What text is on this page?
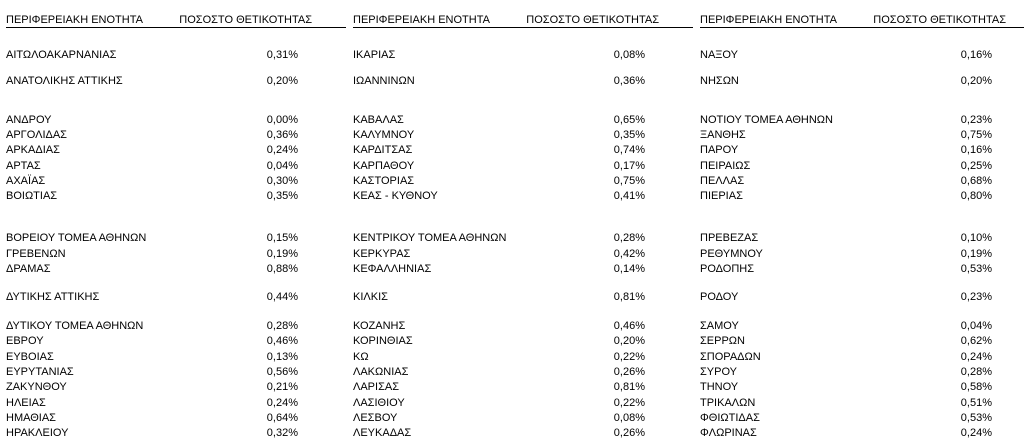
ΠΕΡΙΦΕΡΕΙΑΚΗ ΕΝΟΤΗΤΑ	ΠΟΣΟΣΤΟ ΘΕΤΙΚΟΤΗΤΑΣ
ΑΙΤΩΛΟΑΚΑΡΝΑΝΙΑΣ	0,31%
ΑΝΑΤΟΛΙΚΗΣ ΑΤΤΙΚΗΣ	0,20%
ΑΝΔΡΟΥ	0,00%
ΑΡΓΟΛΙΔΑΣ	0,36%
ΑΡΚΑΔΙΑΣ	0,24%
ΑΡΤΑΣ	0,04%
ΑΧΑΪΑΣ	0,30%
ΒΟΙΩΤΙΑΣ	0,35%
ΒΟΡΕΙΟΥ ΤΟΜΕΑ ΑΘΗΝΩΝ	0,15%
ΓΡΕΒΕΝΩΝ	0,19%
ΔΡΑΜΑΣ	0,88%
ΔΥΤΙΚΗΣ ΑΤΤΙΚΗΣ	0,44%
ΔΥΤΙΚΟΥ ΤΟΜΕΑ ΑΘΗΝΩΝ	0,28%
ΕΒΡΟΥ	0,46%
ΕΥΒΟΙΑΣ	0,13%
ΕΥΡΥΤΑΝΙΑΣ	0,56%
ΖΑΚΥΝΘΟΥ	0,21%
ΗΛΕΙΑΣ	0,24%
ΗΜΑΘΙΑΣ	0,64%
ΗΡΑΚΛΕΙΟΥ	0,32%
ΠΕΡΙΦΕΡΕΙΑΚΗ ΕΝΟΤΗΤΑ	ΠΟΣΟΣΤΟ ΘΕΤΙΚΟΤΗΤΑΣ
ΙΚΑΡΙΑΣ	0,08%
ΙΩΑΝΝΙΝΩΝ	0,36%
ΚΑΒΑΛΑΣ	0,65%
ΚΑΛΥΜΝΟΥ	0,35%
ΚΑΡΔΙΤΣΑΣ	0,74%
ΚΑΡΠΑΘΟΥ	0,17%
ΚΑΣΤΟΡΙΑΣ	0,75%
ΚΕΑΣ - ΚΥΘΝΟΥ	0,41%
ΚΕΝΤΡΙΚΟΥ ΤΟΜΕΑ ΑΘΗΝΩΝ	0,28%
ΚΕΡΚΥΡΑΣ	0,42%
ΚΕΦΑΛΛΗΝΙΑΣ	0,14%
ΚΙΛΚΙΣ	0,81%
ΚΟΖΑΝΗΣ	0,46%
ΚΟΡΙΝΘΙΑΣ	0,20%
ΚΩ	0,22%
ΛΑΚΩΝΙΑΣ	0,26%
ΛΑΡΙΣΑΣ	0,81%
ΛΑΣΙΘΙΟΥ	0,22%
ΛΕΣΒΟΥ	0,08%
ΛΕΥΚΑΔΑΣ	0,26%
ΠΕΡΙΦΕΡΕΙΑΚΗ ΕΝΟΤΗΤΑ	ΠΟΣΟΣΤΟ ΘΕΤΙΚΟΤΗΤΑΣ
ΝΑΞΟΥ	0,16%
ΝΗΣΩΝ	0,20%
ΝΟΤΙΟΥ ΤΟΜΕΑ ΑΘΗΝΩΝ	0,23%
ΞΑΝΘΗΣ	0,75%
ΠΑΡΟΥ	0,16%
ΠΕΙΡΑΙΩΣ	0,25%
ΠΕΛΛΑΣ	0,68%
ΠΙΕΡΙΑΣ	0,80%
ΠΡΕΒΕΖΑΣ	0,10%
ΡΕΘΥΜΝΟΥ	0,19%
ΡΟΔΟΠΗΣ	0,53%
ΡΟΔΟΥ	0,23%
ΣΑΜΟΥ	0,04%
ΣΕΡΡΩΝ	0,62%
ΣΠΟΡΑΔΩΝ	0,24%
ΣΥΡΟΥ	0,28%
ΤΗΝΟΥ	0,58%
ΤΡΙΚΑΛΩΝ	0,51%
ΦΘΙΩΤΙΔΑΣ	0,53%
ΦΛΩΡΙΝΑΣ	0,24%
